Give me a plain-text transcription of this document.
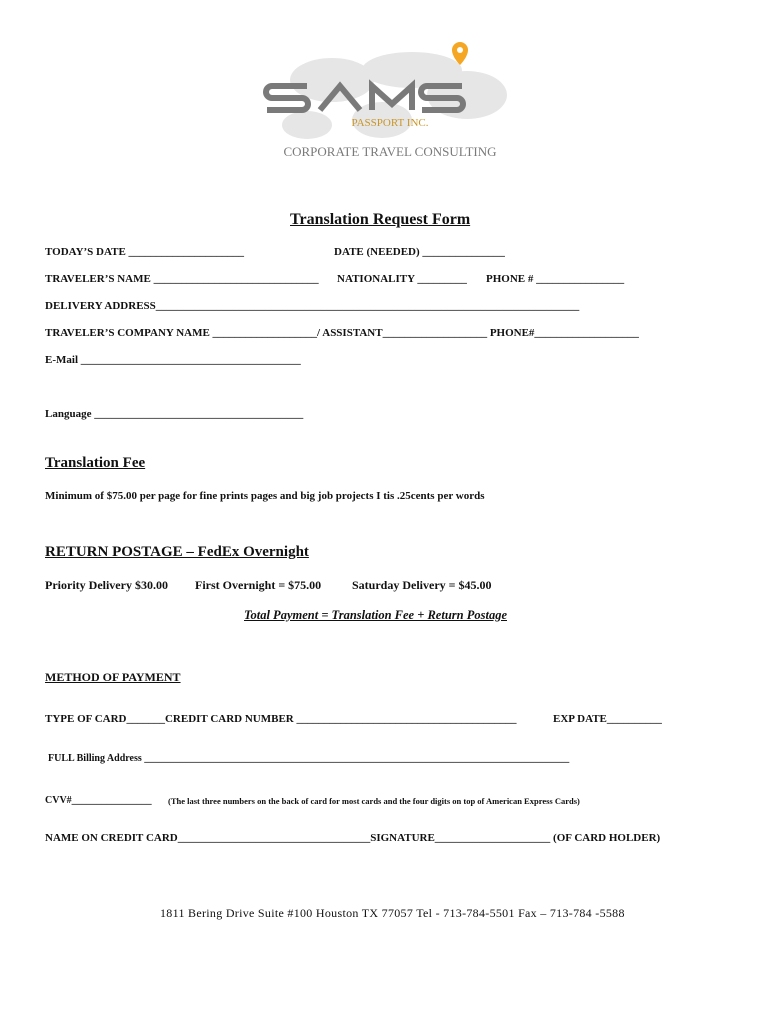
PASSPORT INC.
CORPORATE TRAVEL CONSULTING
Translation Request Form
TODAY’S DATE _____________________	DATE (NEEDED) _______________
TRAVELER’S NAME ______________________________ NATIONALITY _________ PHONE # ________________
DELIVERY ADDRESS_____________________________________________________________________________
TRAVELER’S COMPANY NAME ___________________/ ASSISTANT___________________ PHONE#___________________
E-Mail ________________________________________
Language ______________________________________
Translation Fee
Minimum of $75.00 per page for fine prints pages and big job projects I tis .25cents per words
RETURN POSTAGE – FedEx Overnight
Priority Delivery $30.00 First Overnight = $75.00	Saturday Delivery = $45.00
Total Payment = Translation Fee + Return Postage
METHOD OF PAYMENT
TYPE OF CARD_______CREDIT CARD NUMBER ________________________________________	EXP DATE__________
FULL Billing Address _____________________________________________________________________________________
CVV#________________ (The last three numbers on the back of card for most cards and the four digits on top of American Express Cards)
NAME ON CREDIT CARD___________________________________SIGNATURE_____________________ (OF CARD HOLDER)
1811 Bering Drive Suite #100 Houston TX 77057 Tel - 713-784-5501 Fax – 713-784 -5588
